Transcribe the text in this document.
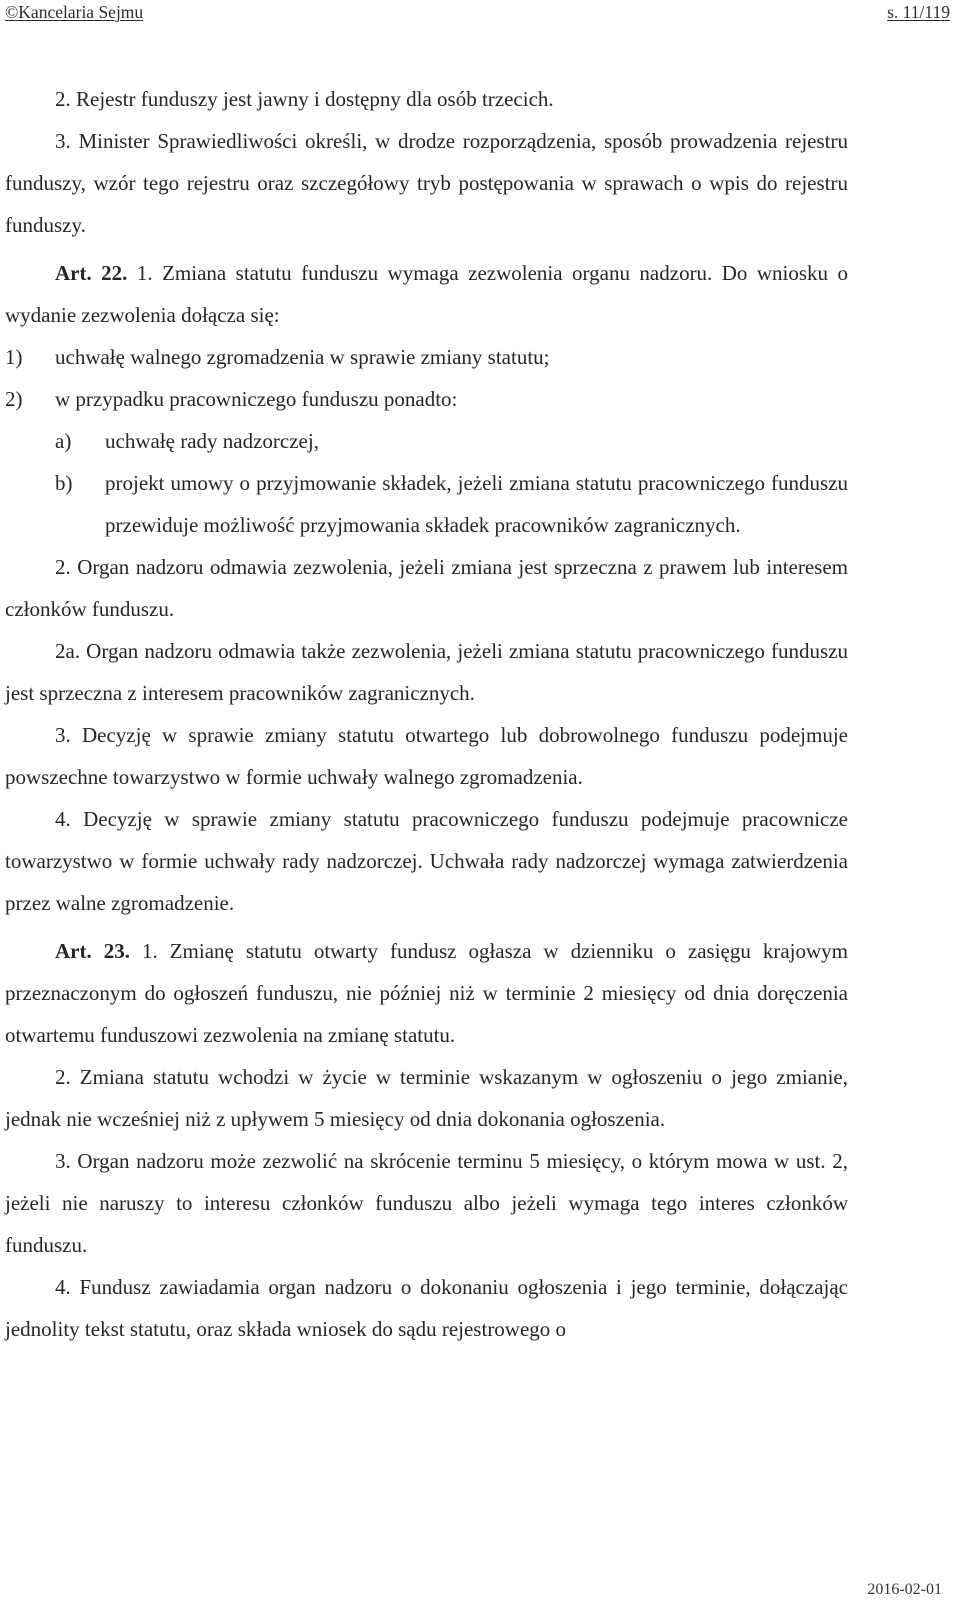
©Kancelaria Sejmu	s. 11/119

2. Rejestr funduszy jest jawny i dostępny dla osób trzecich.

3. Minister Sprawiedliwości określi, w drodze rozporządzenia, sposób prowadzenia rejestru funduszy, wzór tego rejestru oraz szczegółowy tryb postępowania w sprawach o wpis do rejestru funduszy.

Art. 22. 1. Zmiana statutu funduszu wymaga zezwolenia organu nadzoru. Do wniosku o wydanie zezwolenia dołącza się:

1)	uchwałę walnego zgromadzenia w sprawie zmiany statutu;
2)	w przypadku pracowniczego funduszu ponadto:
a)	uchwałę rady nadzorczej,
b)	projekt umowy o przyjmowanie składek, jeżeli zmiana statutu pracowniczego funduszu przewiduje możliwość przyjmowania składek pracowników zagranicznych.

2. Organ nadzoru odmawia zezwolenia, jeżeli zmiana jest sprzeczna z prawem lub interesem członków funduszu.

2a. Organ nadzoru odmawia także zezwolenia, jeżeli zmiana statutu pracowniczego funduszu jest sprzeczna z interesem pracowników zagranicznych.

3. Decyzję w sprawie zmiany statutu otwartego lub dobrowolnego funduszu podejmuje powszechne towarzystwo w formie uchwały walnego zgromadzenia.

4. Decyzję w sprawie zmiany statutu pracowniczego funduszu podejmuje pracownicze towarzystwo w formie uchwały rady nadzorczej. Uchwała rady nadzorczej wymaga zatwierdzenia przez walne zgromadzenie.

Art. 23. 1. Zmianę statutu otwarty fundusz ogłasza w dzienniku o zasięgu krajowym przeznaczonym do ogłoszeń funduszu, nie później niż w terminie 2 miesięcy od dnia doręczenia otwartemu funduszowi zezwolenia na zmianę statutu.

2. Zmiana statutu wchodzi w życie w terminie wskazanym w ogłoszeniu o jego zmianie, jednak nie wcześniej niż z upływem 5 miesięcy od dnia dokonania ogłoszenia.

3. Organ nadzoru może zezwolić na skrócenie terminu 5 miesięcy, o którym mowa w ust. 2, jeżeli nie naruszy to interesu członków funduszu albo jeżeli wymaga tego interes członków funduszu.

4. Fundusz zawiadamia organ nadzoru o dokonaniu ogłoszenia i jego terminie, dołączając jednolity tekst statutu, oraz składa wniosek do sądu rejestrowego o

2016-02-01
